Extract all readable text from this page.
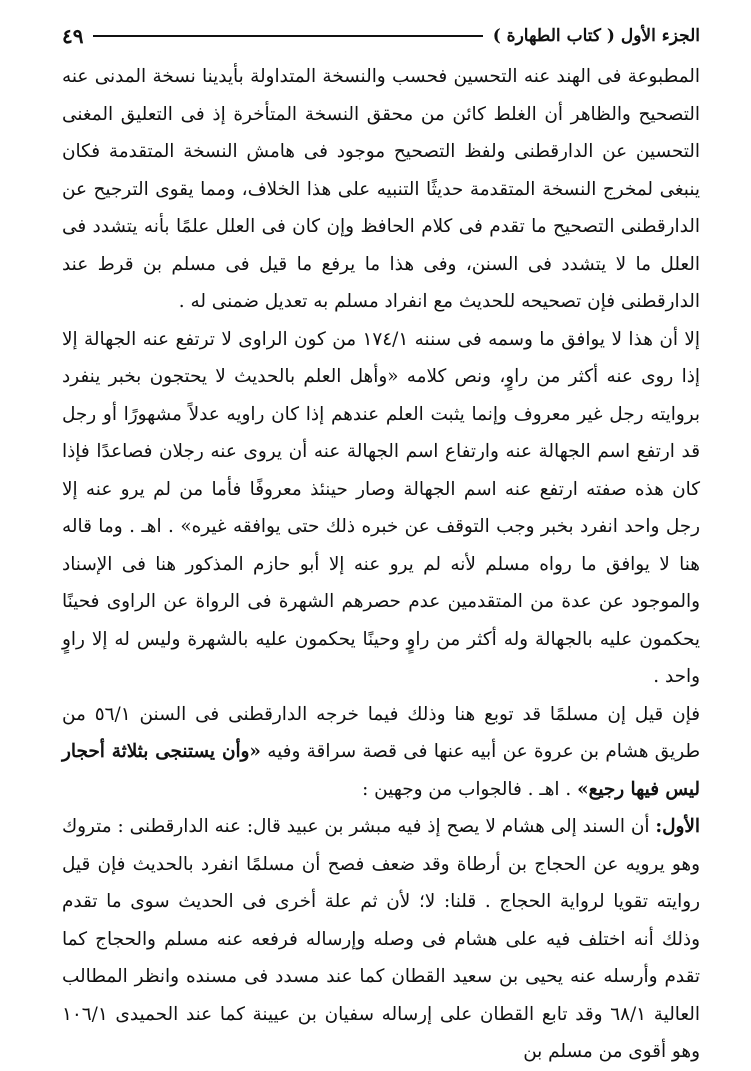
الجزء الأول ( كتاب الطهارة )
٤٩

المطبوعة فى الهند عنه التحسين فحسب والنسخة المتداولة بأيدينا نسخة المدنى عنه التصحيح والظاهر أن الغلط كائن من محقق النسخة المتأخرة إذ فى التعليق المغنى التحسين عن الدارقطنى ولفظ التصحيح موجود فى هامش النسخة المتقدمة فكان ينبغى لمخرج النسخة المتقدمة حديثًا التنبيه على هذا الخلاف، ومما يقوى الترجيح عن الدارقطنى التصحيح ما تقدم فى كلام الحافظ وإن كان فى العلل علمًا بأنه يتشدد فى العلل ما لا يتشدد فى السنن، وفى هذا ما يرفع ما قيل فى مسلم بن قرط عند الدارقطنى فإن تصحيحه للحديث مع انفراد مسلم به تعديل ضمنى له .

إلا أن هذا لا يوافق ما وسمه فى سننه ١٧٤/١ من كون الراوى لا ترتفع عنه الجهالة إلا إذا روى عنه أكثر من راوٍ، ونص كلامه «وأهل العلم بالحديث لا يحتجون بخبر ينفرد بروايته رجل غير معروف وإنما يثبت العلم عندهم إذا كان راويه عدلاً مشهورًا أو رجل قد ارتفع اسم الجهالة عنه وارتفاع اسم الجهالة عنه أن يروى عنه رجلان فصاعدًا فإذا كان هذه صفته ارتفع عنه اسم الجهالة وصار حينئذ معروفًا فأما من لم يرو عنه إلا رجل واحد انفرد بخبر وجب التوقف عن خبره ذلك حتى يوافقه غيره» . اهـ . وما قاله هنا لا يوافق ما رواه مسلم لأنه لم يرو عنه إلا أبو حازم المذكور هنا فى الإسناد والموجود عن عدة من المتقدمين عدم حصرهم الشهرة فى الرواة عن الراوى فحينًا يحكمون عليه بالجهالة وله أكثر من راوٍ وحينًا يحكمون عليه بالشهرة وليس له إلا راوٍ واحد .

فإن قيل إن مسلمًا قد توبع هنا وذلك فيما خرجه الدارقطنى فى السنن ٥٦/١ من طريق هشام بن عروة عن أبيه عنها فى قصة سراقة وفيه «وأن يستنجى بثلاثة أحجار ليس فيها رجيع» . اهـ . فالجواب من وجهين :

الأول: أن السند إلى هشام لا يصح إذ فيه مبشر بن عبيد قال: عنه الدارقطنى : متروك وهو يرويه عن الحجاج بن أرطاة وقد ضعف فصح أن مسلمًا انفرد بالحديث فإن قيل روايته تقويا لرواية الحجاج . قلنا: لا؛ لأن ثم علة أخرى فى الحديث سوى ما تقدم وذلك أنه اختلف فيه على هشام فى وصله وإرساله فرفعه عنه مسلم والحجاج كما تقدم وأرسله عنه يحيى بن سعيد القطان كما عند مسدد فى مسنده وانظر المطالب العالية ٦٨/١ وقد تابع القطان على إرساله سفيان بن عيينة كما عند الحميدى ١٠٦/١ وهو أقوى من مسلم بن
